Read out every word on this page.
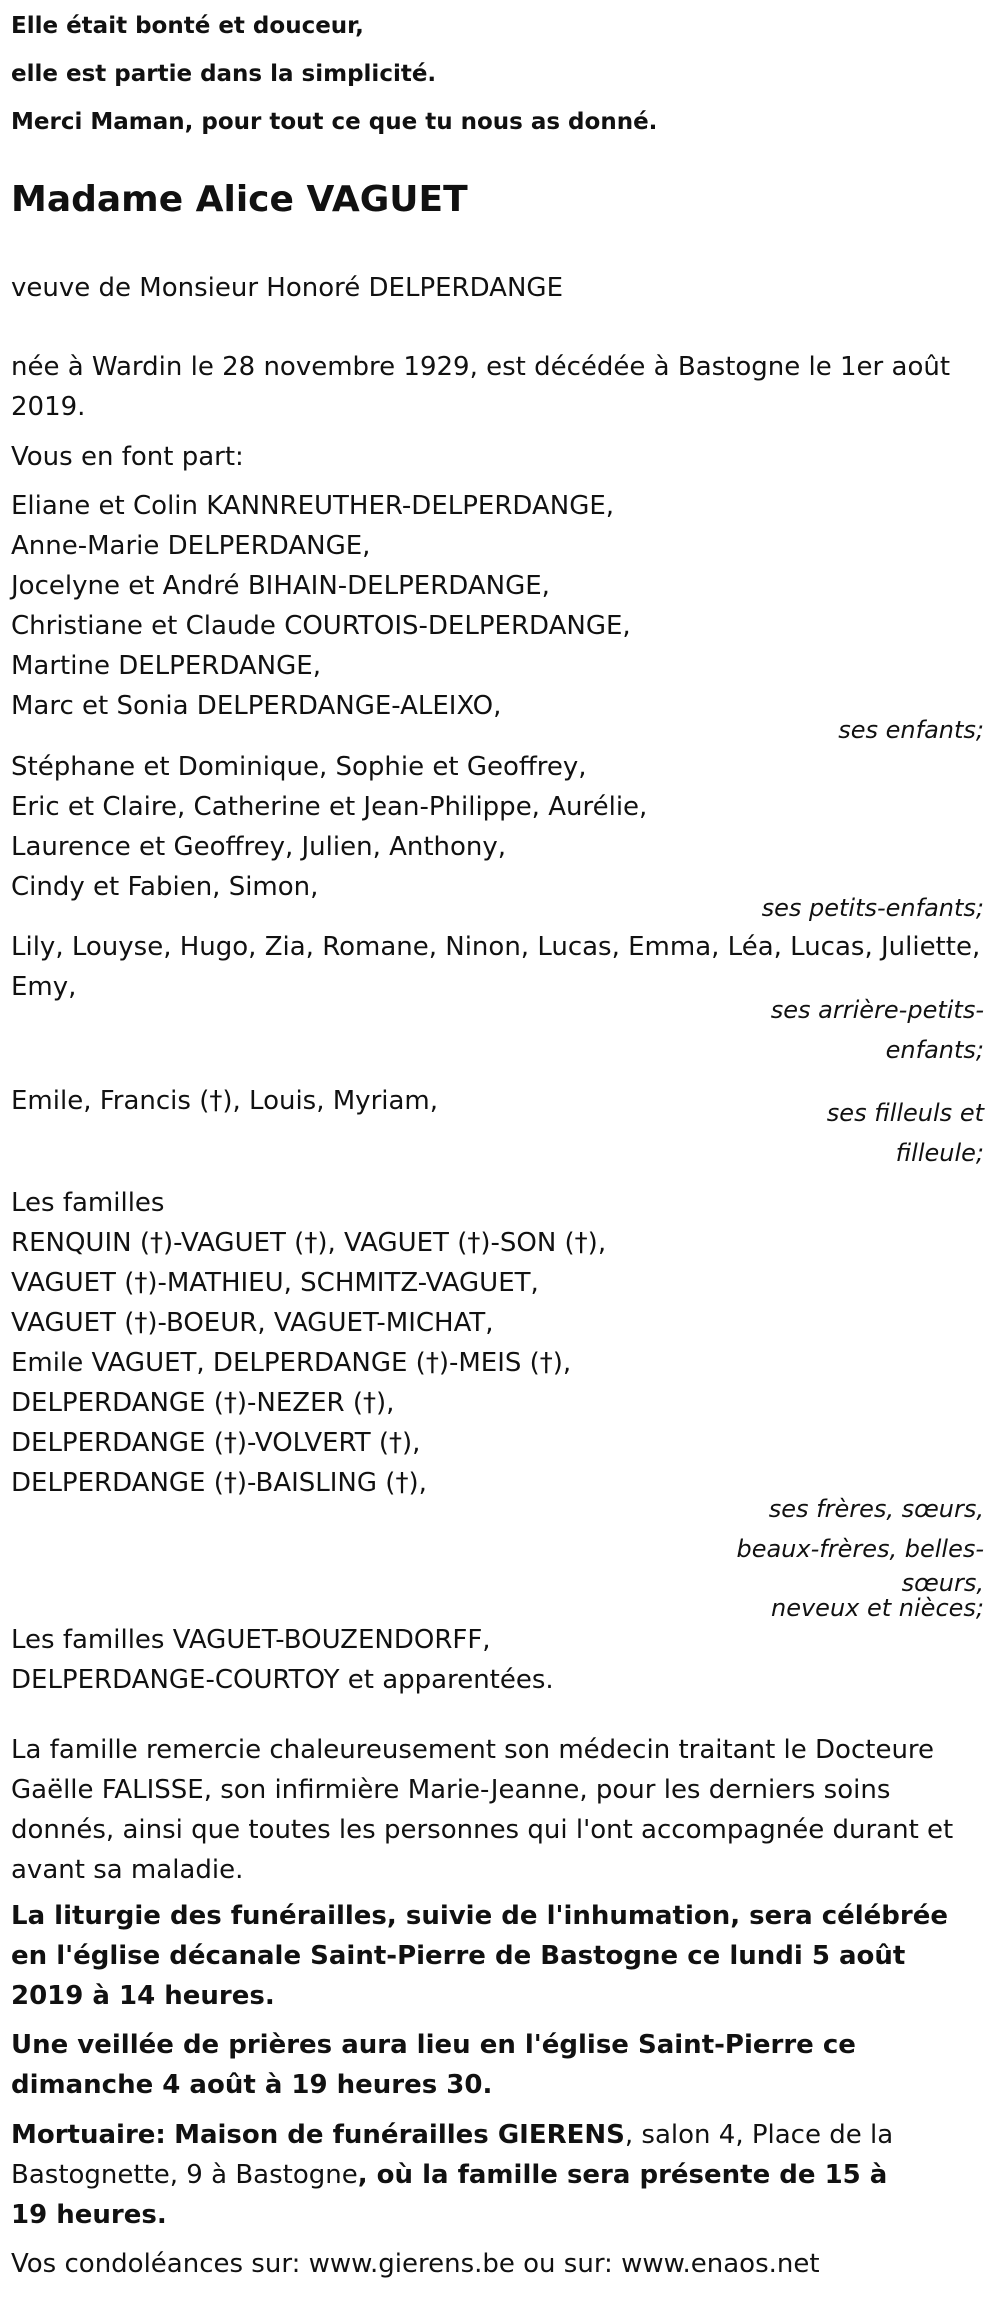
Elle était bonté et douceur,

elle est partie dans la simplicité.

Merci Maman, pour tout ce que tu nous as donné.

Madame Alice VAGUET

veuve de Monsieur Honoré DELPERDANGE

née à Wardin le 28 novembre 1929, est décédée à Bastogne le 1er août 2019.

Vous en font part:

Eliane et Colin KANNREUTHER-DELPERDANGE,

Anne-Marie DELPERDANGE,

Jocelyne et André BIHAIN-DELPERDANGE,

Christiane et Claude COURTOIS-DELPERDANGE,

Martine DELPERDANGE,

Marc et Sonia DELPERDANGE-ALEIXO,

ses enfants;

Stéphane et Dominique, Sophie et Geoffrey,

Eric et Claire, Catherine et Jean-Philippe, Aurélie,

Laurence et Geoffrey, Julien, Anthony,

Cindy et Fabien, Simon,

ses petits-enfants;

Lily, Louyse, Hugo, Zia, Romane, Ninon, Lucas, Emma, Léa, Lucas, Juliette, Emy,

ses arrière-petits-

enfants;

Emile, Francis (†), Louis, Myriam,	ses filleuls et

filleule;

Les familles

RENQUIN (†)-VAGUET (†), VAGUET (†)-SON (†),

VAGUET (†)-MATHIEU, SCHMITZ-VAGUET,

VAGUET (†)-BOEUR, VAGUET-MICHAT,

Emile VAGUET, DELPERDANGE (†)-MEIS (†),

DELPERDANGE (†)-NEZER (†),

DELPERDANGE (†)-VOLVERT (†),

DELPERDANGE (†)-BAISLING (†),

ses frères, sœurs,

beaux-frères, belles-

sœurs,

neveux et nièces;

Les familles VAGUET-BOUZENDORFF,

DELPERDANGE-COURTOY et apparentées.

La famille remercie chaleureusement son médecin traitant le Docteure Gaëlle FALISSE, son infirmière Marie-Jeanne, pour les derniers soins donnés, ainsi que toutes les personnes qui l'ont accompagnée durant et avant sa maladie.

La liturgie des funérailles, suivie de l'inhumation, sera célébrée en l'église décanale Saint-Pierre de Bastogne ce lundi 5 août 2019 à 14 heures.

Une veillée de prières aura lieu en l'église Saint-Pierre ce dimanche 4 août à 19 heures 30.

Mortuaire: Maison de funérailles GIERENS, salon 4, Place de la Bastognette, 9 à Bastogne, où la famille sera présente de 15 à 19 heures.

Vos condoléances sur: www.gierens.be ou sur: www.enaos.net
